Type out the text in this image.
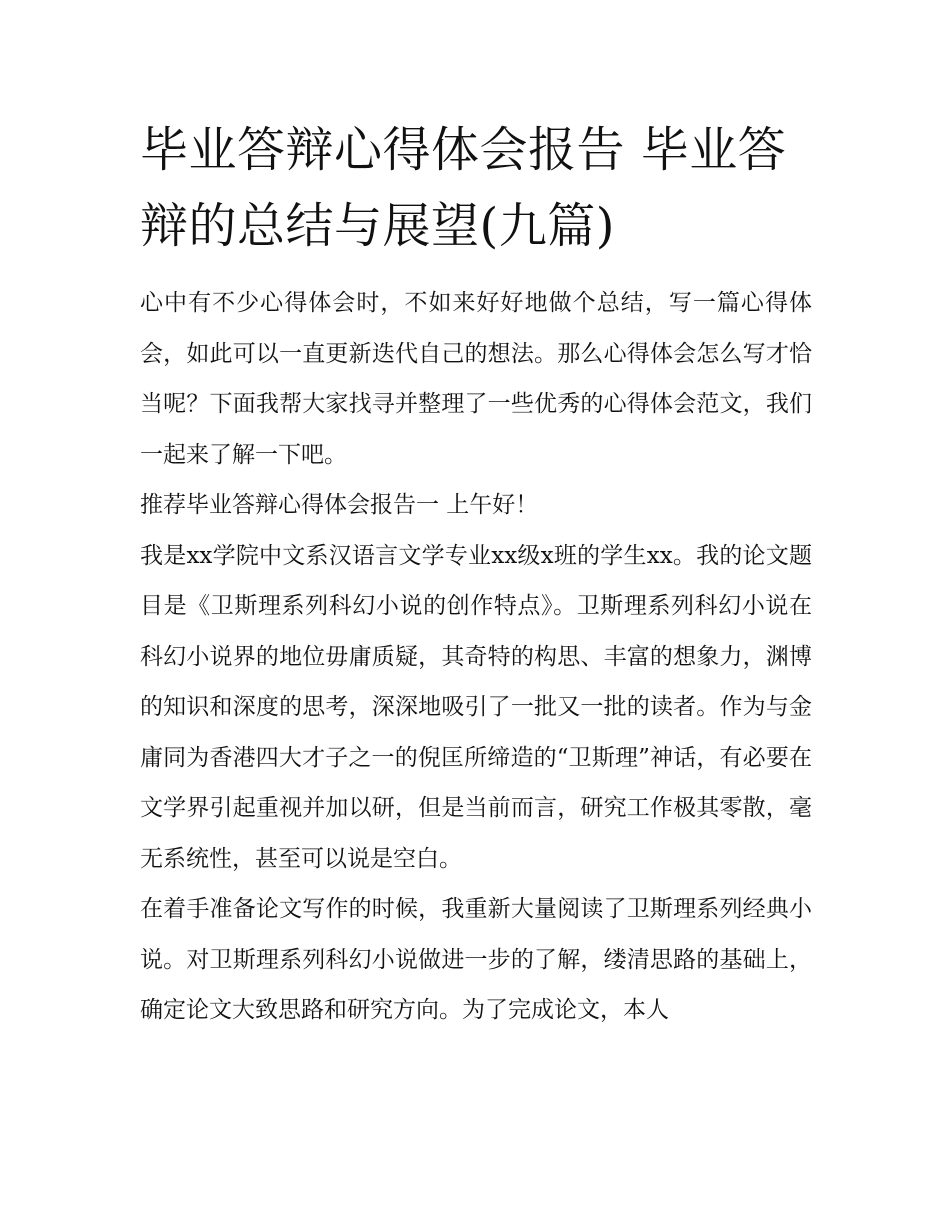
毕业答辩心得体会报告 毕业答辩的总结与展望(九篇)

心中有不少心得体会时，不如来好好地做个总结，写一篇心得体会，如此可以一直更新迭代自己的想法。那么心得体会怎么写才恰当呢？下面我帮大家找寻并整理了一些优秀的心得体会范文，我们一起来了解一下吧。

推荐毕业答辩心得体会报告一 上午好！

我是xx学院中文系汉语言文学专业xx级x班的学生xx。我的论文题目是《卫斯理系列科幻小说的创作特点》。卫斯理系列科幻小说在科幻小说界的地位毋庸质疑，其奇特的构思、丰富的想象力，渊博的知识和深度的思考，深深地吸引了一批又一批的读者。作为与金庸同为香港四大才子之一的倪匡所缔造的“卫斯理”神话，有必要在文学界引起重视并加以研，但是当前而言，研究工作极其零散，毫无系统性，甚至可以说是空白。

在着手准备论文写作的时候，我重新大量阅读了卫斯理系列经典小说。对卫斯理系列科幻小说做进一步的了解，缕清思路的基础上，确定论文大致思路和研究方向。为了完成论文，本人
